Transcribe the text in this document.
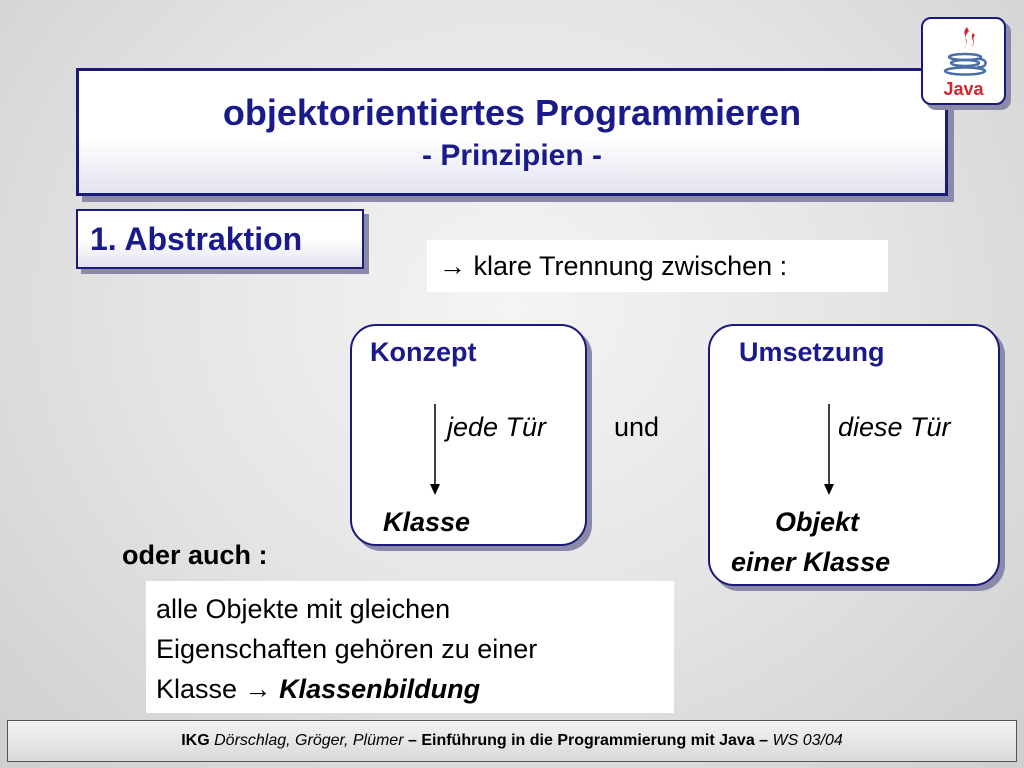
objektorientiertes Programmieren
- Prinzipien -
Java
1. Abstraktion
→ klare Trennung zwischen :
Konzept
jede Tür
Klasse
und
Umsetzung
diese Tür
Objekt
einer Klasse
oder auch :
alle Objekte mit gleichen
Eigenschaften gehören zu einer
Klasse → Klassenbildung
IKG Dörschlag, Gröger, Plümer – Einführung in die Programmierung mit Java – WS 03/04
